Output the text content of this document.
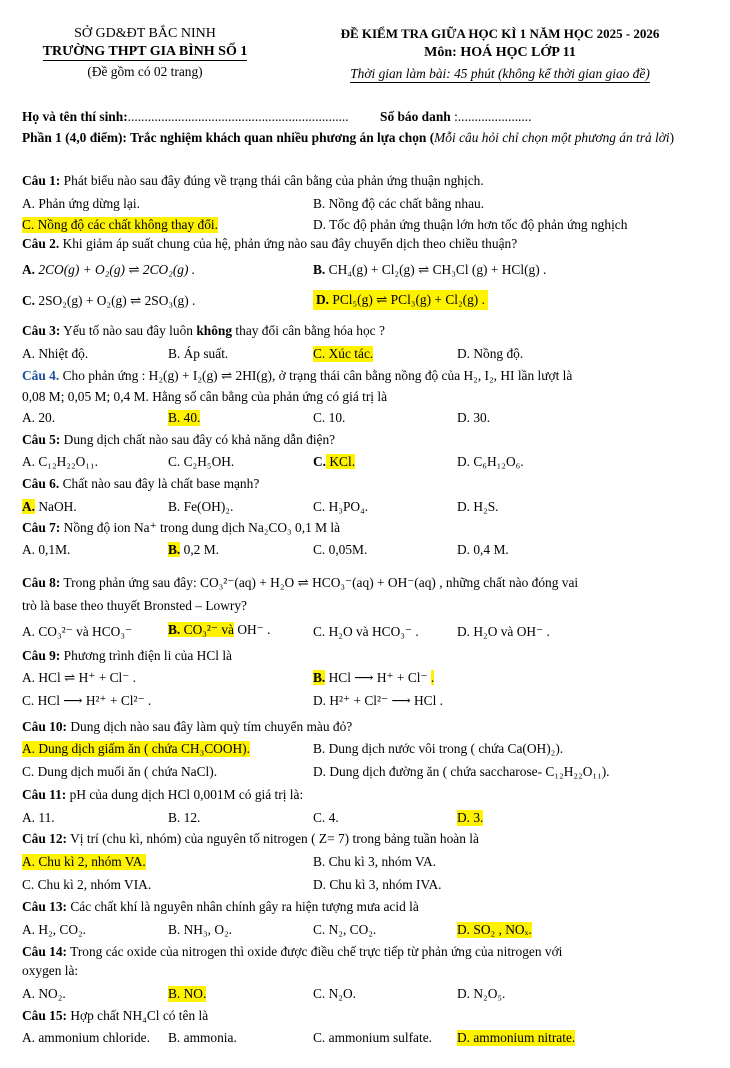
SỞ GD&ĐT BẮC NINH
TRƯỜNG THPT GIA BÌNH SỐ 1
(Đề gồm có 02 trang)
ĐỀ KIỂM TRA GIỮA HỌC KÌ 1 NĂM HỌC 2025 - 2026
Môn: HOÁ HỌC LỚP 11
Thời gian làm bài: 45 phút (không kể thời gian giao đề)
Họ và tên thí sinh:.................................................................. Số báo danh :......................
Phần 1 (4,0 điểm): Trắc nghiệm khách quan nhiều phương án lựa chọn (Mỗi câu hỏi chỉ chọn một phương án trả lời)
Câu 1: Phát biểu nào sau đây đúng về trạng thái cân bằng của phản ứng thuận nghịch.
A. Phản ứng dừng lại.	B. Nồng độ các chất bằng nhau.
C. Nồng độ các chất không thay đổi.	D. Tốc độ phản ứng thuận lớn hơn tốc độ phản ứng nghịch
Câu 2. Khi giảm áp suất chung của hệ, phản ứng nào sau đây chuyển dịch theo chiều thuận?
A. 2CO(g) + O₂(g) ⇌ 2CO₂(g) .	B. CH₄(g) + Cl₂(g) ⇌ CH₃Cl (g) + HCl(g) .
C. 2SO₂(g) + O₂(g) ⇌ 2SO₃(g) .	D. PCl₅(g) ⇌ PCl₃(g) + Cl₂(g) .
Câu 3: Yếu tố nào sau đây luôn không thay đổi cân bằng hóa học ?
A. Nhiệt độ.	B. Áp suất.	C. Xúc tác.	D. Nồng độ.
Câu 4. Cho phản ứng : H₂(g) + I₂(g) ⇌ 2HI(g), ở trạng thái cân bằng nồng độ của H₂, I₂, HI lần lượt là
0,08 M; 0,05 M; 0,4 M. Hằng số cân bằng của phản ứng có giá trị là
A. 20.	B. 40.	C. 10.	D. 30.
Câu 5: Dung dịch chất nào sau đây có khả năng dẫn điện?
A. C₁₂H₂₂O₁₁.	C. C₂H₅OH.	C. KCl.	D. C₆H₁₂O₆.
Câu 6. Chất nào sau đây là chất base mạnh?
A. NaOH.	B. Fe(OH)₂.	C. H₃PO₄.	D. H₂S.
Câu 7: Nồng độ ion Na⁺ trong dung dịch Na₂CO₃ 0,1 M là
A. 0,1M.	B. 0,2 M.	C. 0,05M.	D. 0,4 M.
Câu 8: Trong phản ứng sau đây: CO₃²⁻(aq) + H₂O ⇌ HCO₃⁻(aq) + OH⁻(aq) , những chất nào đóng vai
trò là base theo thuyết Bronsted – Lowry?
A. CO₃²⁻ và HCO₃⁻	B. CO₃²⁻ và OH⁻ .	C. H₂O và HCO₃⁻ .	D. H₂O và OH⁻ .
Câu 9: Phương trình điện li của HCl là
A. HCl ⇌ H⁺ + Cl⁻ .	B. HCl ⟶ H⁺ + Cl⁻ .
C. HCl ⟶ H²⁺ + Cl²⁻ .	D. H²⁺ + Cl²⁻ ⟶ HCl .
Câu 10: Dung dịch nào sau đây làm quỳ tím chuyển màu đỏ?
A. Dung dịch giấm ăn ( chứa CH₃COOH).	B. Dung dịch nước vôi trong ( chứa Ca(OH)₂).
C. Dung dịch muối ăn ( chứa NaCl).	D. Dung dịch đường ăn ( chứa saccharose- C₁₂H₂₂O₁₁).
Câu 11: pH của dung dịch HCl 0,001M có giá trị là:
A. 11.	B. 12.	C. 4.	D. 3.
Câu 12: Vị trí (chu kì, nhóm) của nguyên tố nitrogen ( Z= 7) trong bảng tuần hoàn là
A. Chu kì 2, nhóm VA.	B. Chu kì 3, nhóm VA.
C. Chu kì 2, nhóm VIA.	D. Chu kì 3, nhóm IVA.
Câu 13: Các chất khí là nguyên nhân chính gây ra hiện tượng mưa acid là
A. H₂, CO₂.	B. NH₃, O₂.	C. N₂, CO₂.	D. SO₂ , NOₓ.
Câu 14: Trong các oxide của nitrogen thì oxide được điều chế trực tiếp từ phản ứng của nitrogen với
oxygen là:
A. NO₂.	B. NO.	C. N₂O.	D. N₂O₅.
Câu 15: Hợp chất NH₄Cl có tên là
A. ammonium chloride. B. ammonia.	C. ammonium sulfate. D. ammonium nitrate.
